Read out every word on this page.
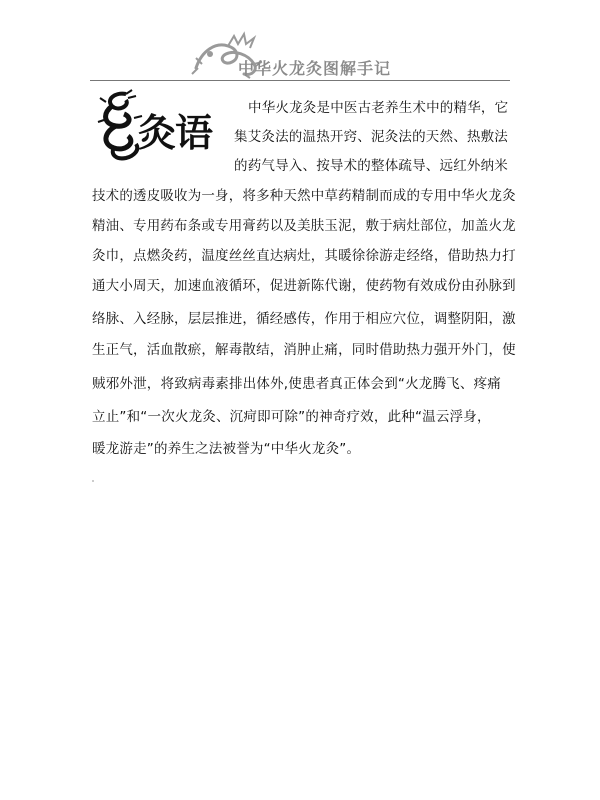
中华火龙灸图解手记
灸语
中华火龙灸是中医古老养生术中的精华，它
集艾灸法的温热开窍、泥灸法的天然、热敷法
的药气导入、按导术的整体疏导、远红外纳米
技术的透皮吸收为一身，将多种天然中草药精制而成的专用中华火龙灸
精油、专用药布条或专用膏药以及美肤玉泥，敷于病灶部位，加盖火龙
灸巾，点燃灸药，温度丝丝直达病灶，其暖徐徐游走经络，借助热力打
通大小周天，加速血液循环，促进新陈代谢，使药物有效成份由孙脉到
络脉、入经脉，层层推进，循经感传，作用于相应穴位，调整阴阳，激
生正气，活血散瘀，解毒散结，消肿止痛，同时借助热力强开外门，使
贼邪外泄，将致病毒素排出体外,使患者真正体会到“火龙腾飞、疼痛
立止”和“一次火龙灸、沉疴即可除”的神奇疗效，此种“温云浮身，
暖龙游走”的养生之法被誉为“中华火龙灸”。
